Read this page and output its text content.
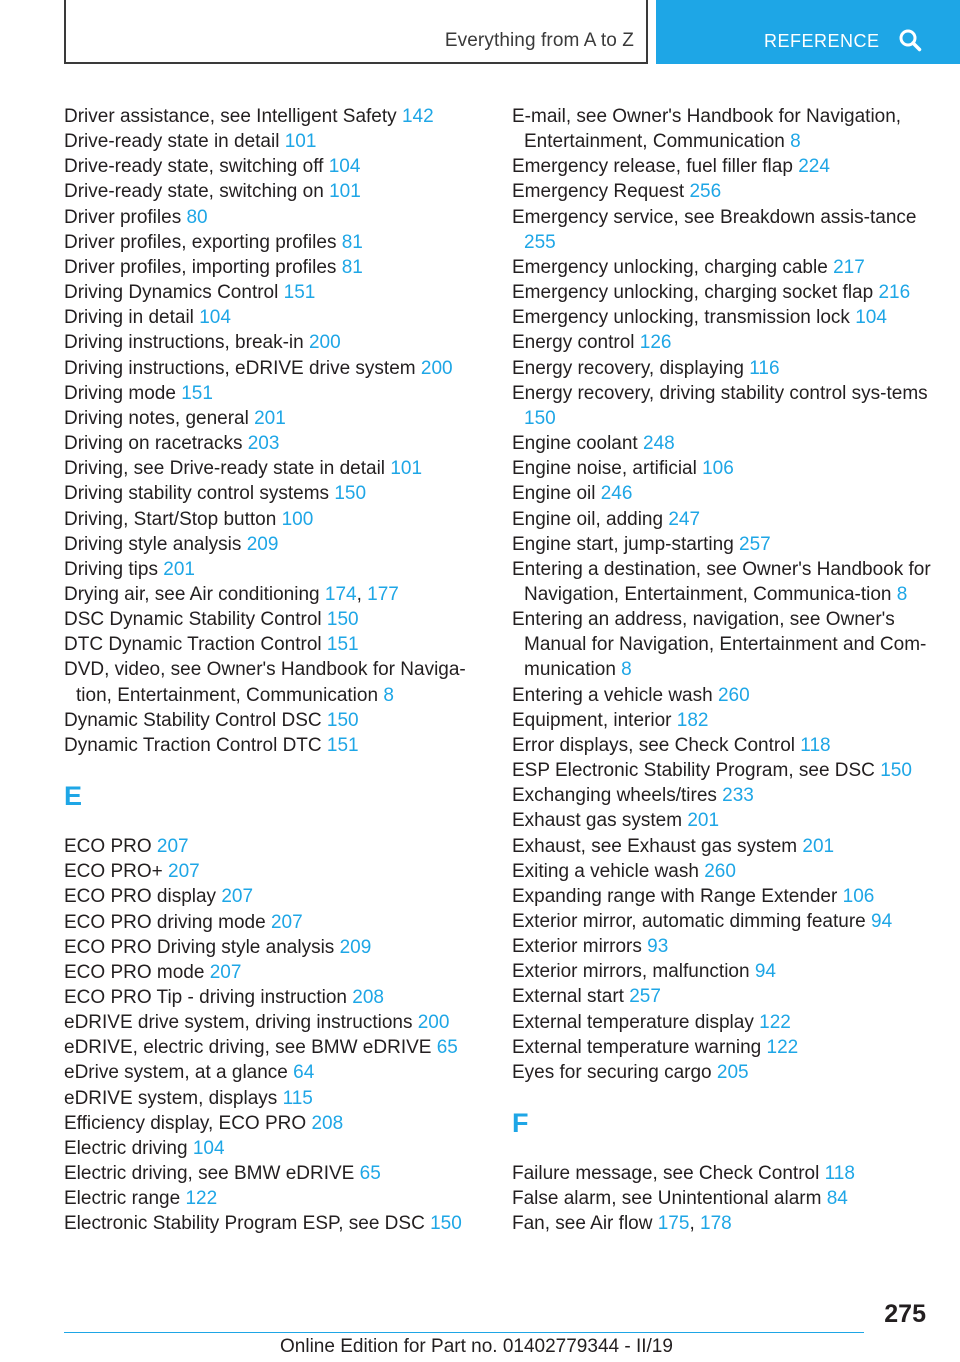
Everything from A to Z	REFERENCE
Driver assistance, see Intelligent Safety 142
Drive-ready state in detail 101
Drive-ready state, switching off 104
Drive-ready state, switching on 101
Driver profiles 80
Driver profiles, exporting profiles 81
Driver profiles, importing profiles 81
Driving Dynamics Control 151
Driving in detail 104
Driving instructions, break-in 200
Driving instructions, eDRIVE drive system 200
Driving mode 151
Driving notes, general 201
Driving on racetracks 203
Driving, see Drive-ready state in detail 101
Driving stability control systems 150
Driving, Start/Stop button 100
Driving style analysis 209
Driving tips 201
Drying air, see Air conditioning 174, 177
DSC Dynamic Stability Control 150
DTC Dynamic Traction Control 151
DVD, video, see Owner's Handbook for Naviga-tion, Entertainment, Communication 8
Dynamic Stability Control DSC 150
Dynamic Traction Control DTC 151
E
ECO PRO 207
ECO PRO+ 207
ECO PRO display 207
ECO PRO driving mode 207
ECO PRO Driving style analysis 209
ECO PRO mode 207
ECO PRO Tip - driving instruction 208
eDRIVE drive system, driving instructions 200
eDRIVE, electric driving, see BMW eDRIVE 65
eDrive system, at a glance 64
eDRIVE system, displays 115
Efficiency display, ECO PRO 208
Electric driving 104
Electric driving, see BMW eDRIVE 65
Electric range 122
Electronic Stability Program ESP, see DSC 150
E-mail, see Owner's Handbook for Navigation, Entertainment, Communication 8
Emergency release, fuel filler flap 224
Emergency Request 256
Emergency service, see Breakdown assis-tance 255
Emergency unlocking, charging cable 217
Emergency unlocking, charging socket flap 216
Emergency unlocking, transmission lock 104
Energy control 126
Energy recovery, displaying 116
Energy recovery, driving stability control sys-tems 150
Engine coolant 248
Engine noise, artificial 106
Engine oil 246
Engine oil, adding 247
Engine start, jump-starting 257
Entering a destination, see Owner's Handbook for Navigation, Entertainment, Communica-tion 8
Entering an address, navigation, see Owner's Manual for Navigation, Entertainment and Com-munication 8
Entering a vehicle wash 260
Equipment, interior 182
Error displays, see Check Control 118
ESP Electronic Stability Program, see DSC 150
Exchanging wheels/tires 233
Exhaust gas system 201
Exhaust, see Exhaust gas system 201
Exiting a vehicle wash 260
Expanding range with Range Extender 106
Exterior mirror, automatic dimming feature 94
Exterior mirrors 93
Exterior mirrors, malfunction 94
External start 257
External temperature display 122
External temperature warning 122
Eyes for securing cargo 205
F
Failure message, see Check Control 118
False alarm, see Unintentional alarm 84
Fan, see Air flow 175, 178
275
Online Edition for Part no. 01402779344 - II/19
